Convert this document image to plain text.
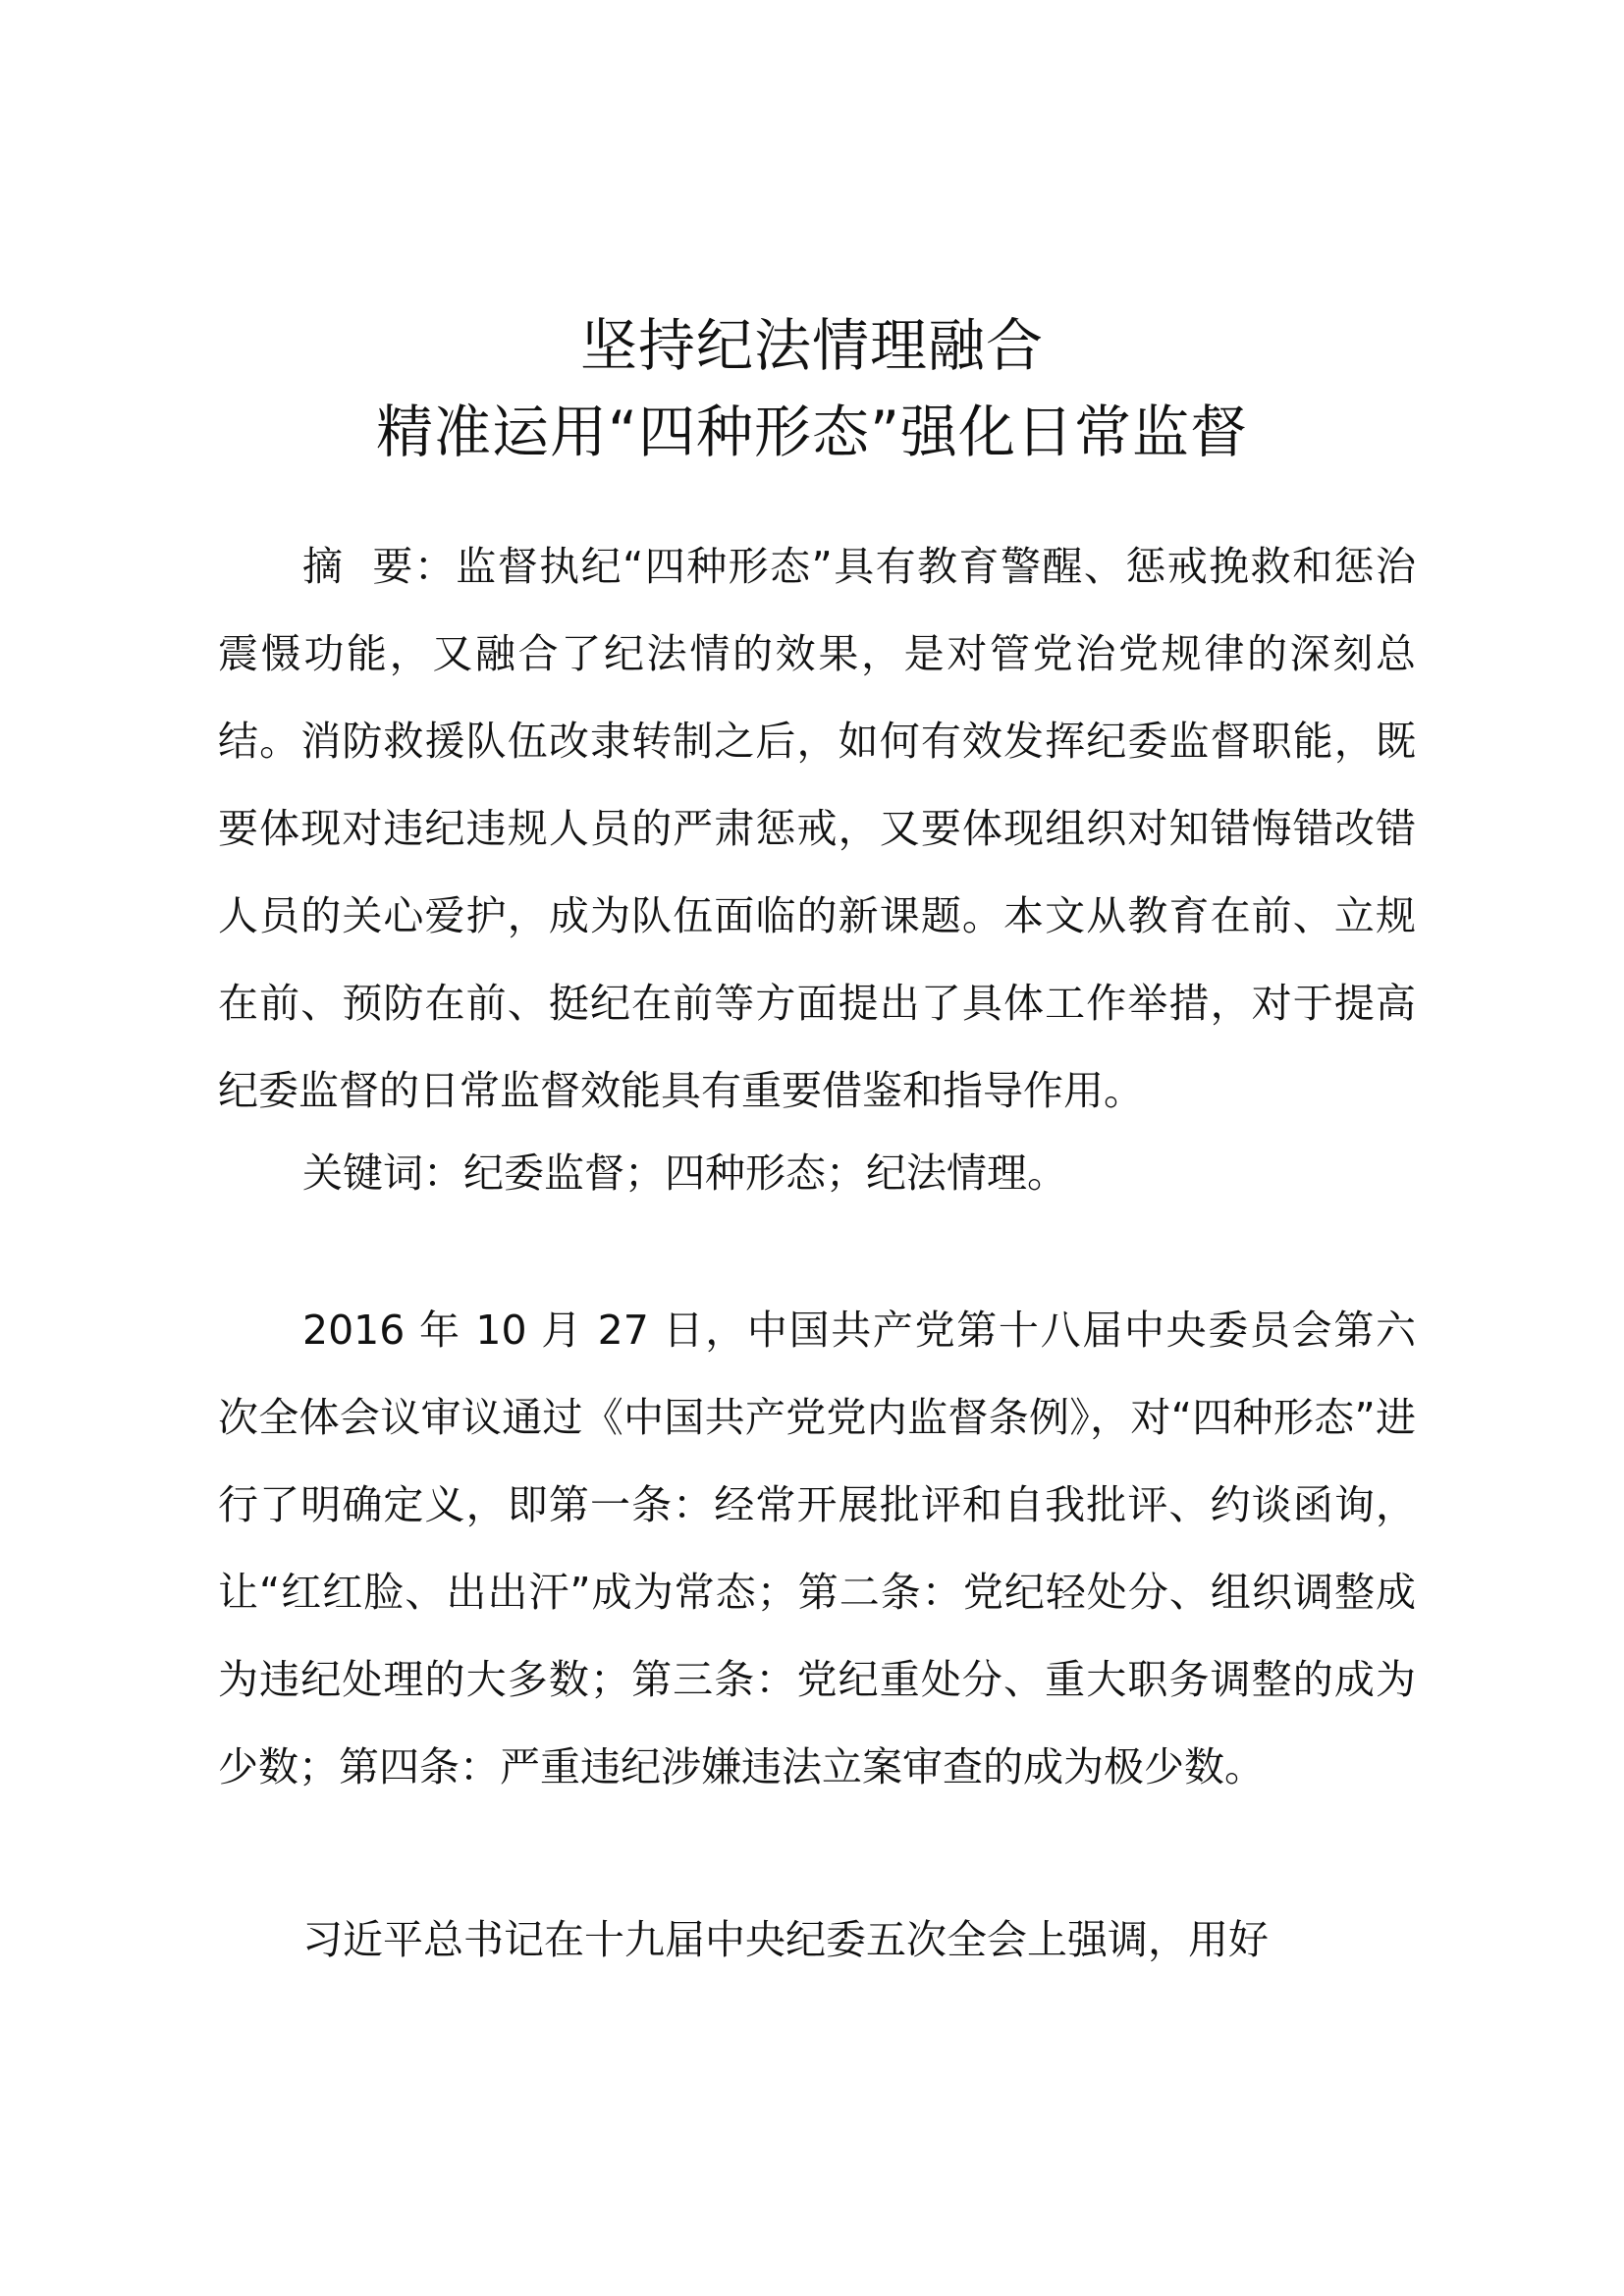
坚持纪法情理融合
精准运用“四种形态”强化日常监督

摘  要：监督执纪“四种形态”具有教育警醒、惩戒挽救和惩治震慑功能，又融合了纪法情的效果，是对管党治党规律的深刻总结。消防救援队伍改隶转制之后，如何有效发挥纪委监督职能，既要体现对违纪违规人员的严肃惩戒，又要体现组织对知错悔错改错人员的关心爱护，成为队伍面临的新课题。本文从教育在前、立规在前、预防在前、挺纪在前等方面提出了具体工作举措，对于提高纪委监督的日常监督效能具有重要借鉴和指导作用。

关键词：纪委监督；四种形态；纪法情理。

2016 年 10 月 27 日，中国共产党第十八届中央委员会第六次全体会议审议通过《中国共产党党内监督条例》，对“四种形态”进行了明确定义，即第一条：经常开展批评和自我批评、约谈函询，让“红红脸、出出汗”成为常态；第二条：党纪轻处分、组织调整成为违纪处理的大多数；第三条：党纪重处分、重大职务调整的成为少数；第四条：严重违纪涉嫌违法立案审查的成为极少数。

习近平总书记在十九届中央纪委五次全会上强调，用好
